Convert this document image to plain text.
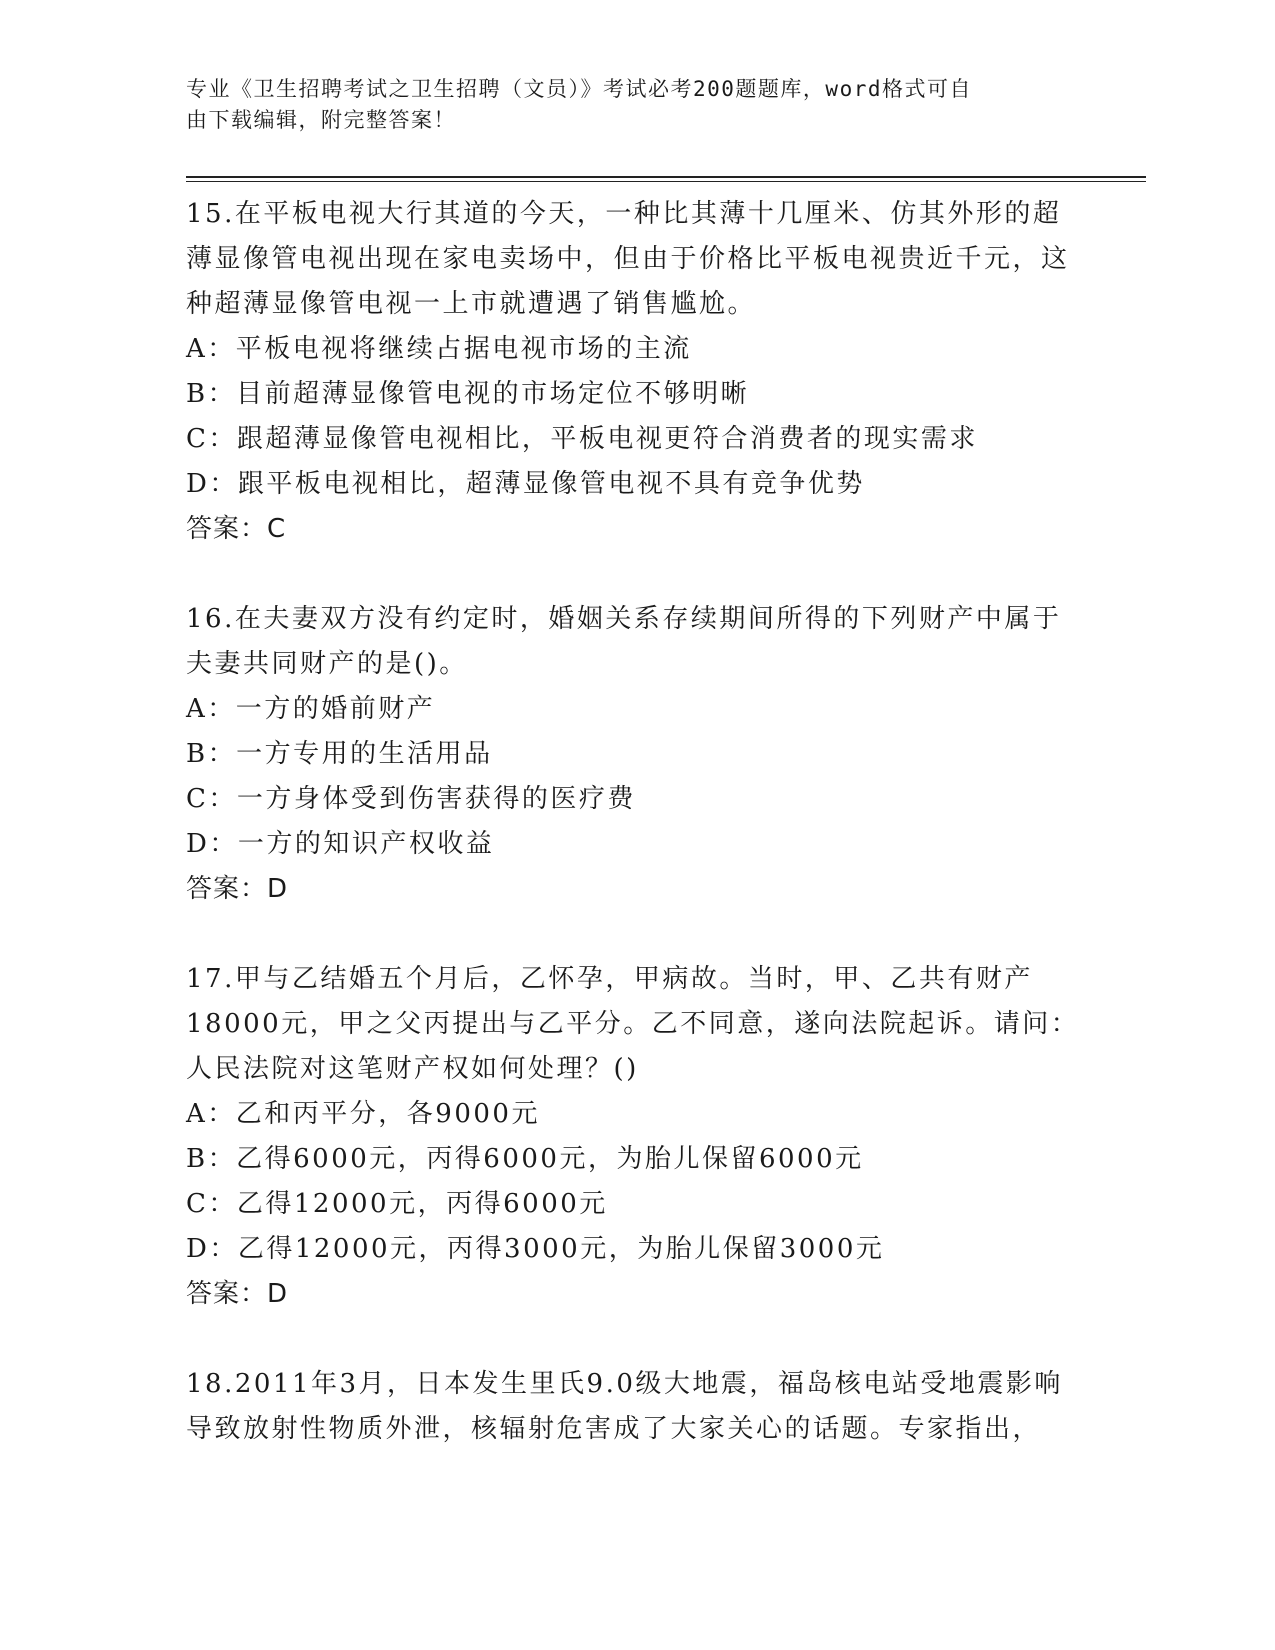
专业《卫生招聘考试之卫生招聘（文员）》考试必考200题题库，word格式可自
由下载编辑，附完整答案！
15.在平板电视大行其道的今天，一种比其薄十几厘米、仿其外形的超薄显像管电视出现在家电卖场中，但由于价格比平板电视贵近千元，这种超薄显像管电视一上市就遭遇了销售尴尬。
A：平板电视将继续占据电视市场的主流
B：目前超薄显像管电视的市场定位不够明晰
C：跟超薄显像管电视相比，平板电视更符合消费者的现实需求
D：跟平板电视相比，超薄显像管电视不具有竞争优势
答案：C
16.在夫妻双方没有约定时，婚姻关系存续期间所得的下列财产中属于夫妻共同财产的是()。
A：一方的婚前财产
B：一方专用的生活用品
C：一方身体受到伤害获得的医疗费
D：一方的知识产权收益
答案：D
17.甲与乙结婚五个月后，乙怀孕，甲病故。当时，甲、乙共有财产18000元，甲之父丙提出与乙平分。乙不同意，遂向法院起诉。请问：人民法院对这笔财产权如何处理？()
A：乙和丙平分，各9000元
B：乙得6000元，丙得6000元，为胎儿保留6000元
C：乙得12000元，丙得6000元
D：乙得12000元，丙得3000元，为胎儿保留3000元
答案：D
18.2011年3月，日本发生里氏9.0级大地震，福岛核电站受地震影响导致放射性物质外泄，核辐射危害成了大家关心的话题。专家指出，
